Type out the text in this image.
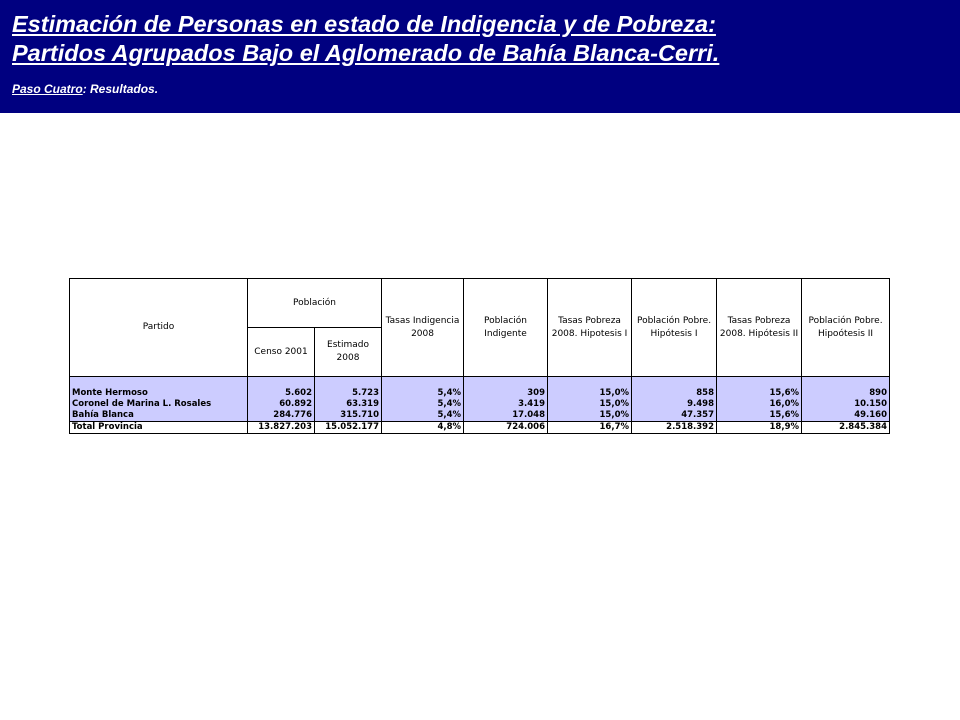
Estimación de Personas en estado de Indigencia y de Pobreza:
Partidos Agrupados Bajo el Aglomerado de Bahía Blanca-Cerri.
Paso Cuatro: Resultados.
Partido	Población		Tasas Indigencia 2008	Población Indigente	Tasas Pobreza 2008. Hipotesis I	Población Pobre. Hipótesis I	Tasas Pobreza 2008. Hipótesis II	Población Pobre. Hipoótesis II
	Censo 2001	Estimado 2008						

Monte Hermoso	5.602	5.723	5,4%	309	15,0%	858	15,6%	890
Coronel de Marina L. Rosales	60.892	63.319	5,4%	3.419	15,0%	9.498	16,0%	10.150
Bahía Blanca	284.776	315.710	5,4%	17.048	15,0%	47.357	15,6%	49.160
Total Provincia	13.827.203	15.052.177	4,8%	724.006	16,7%	2.518.392	18,9%	2.845.384
